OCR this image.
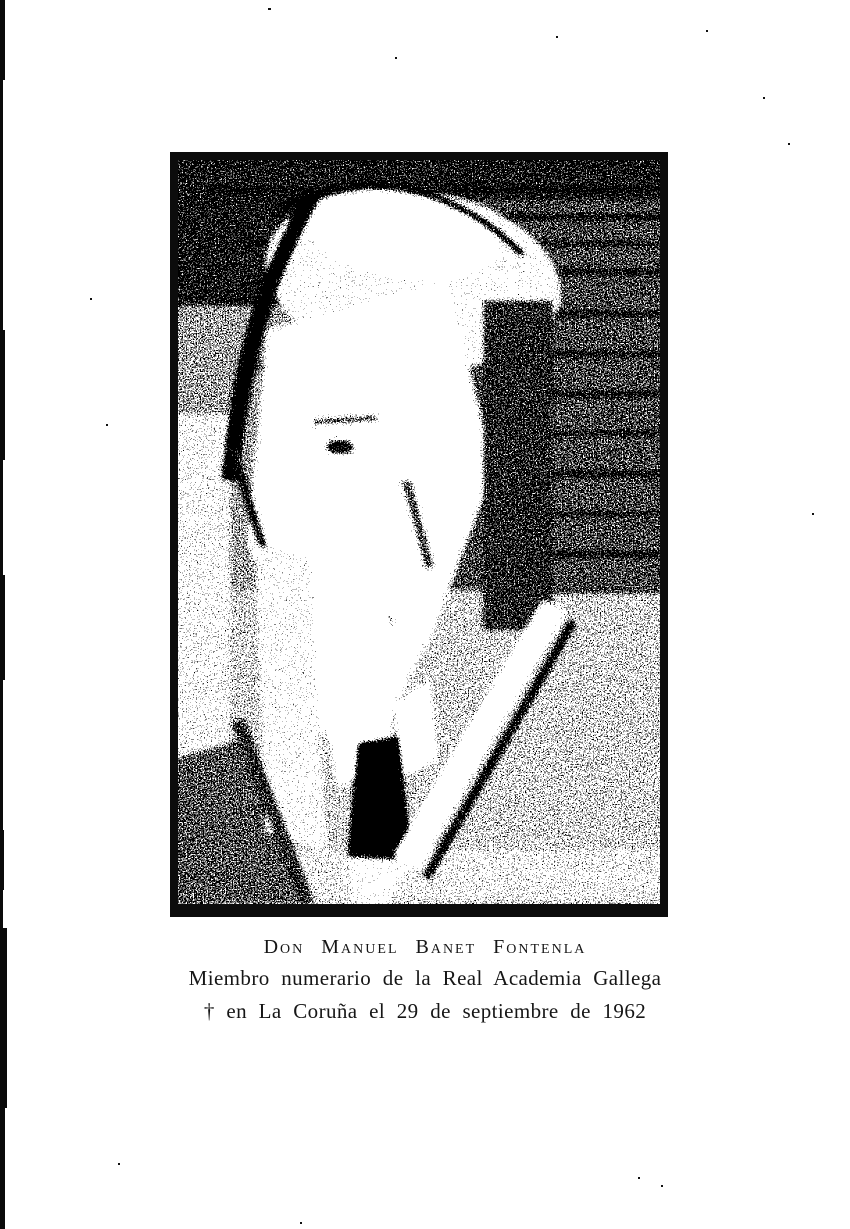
Don Manuel Banet Fontenla
Miembro numerario de la Real Academia Gallega
† en La Coruña el 29 de septiembre de 1962
